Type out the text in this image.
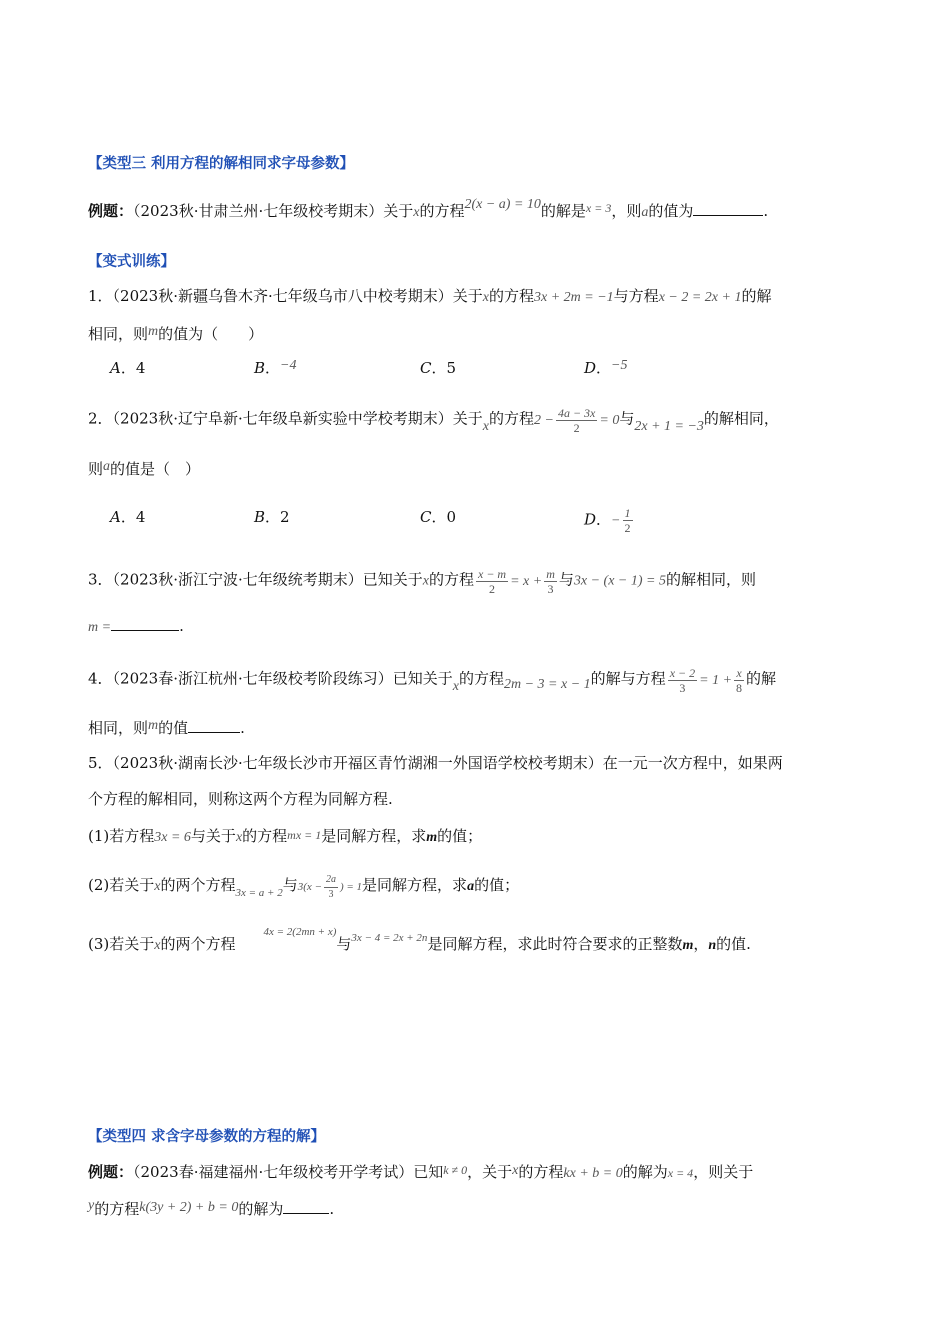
【类型三 利用方程的解相同求字母参数】
例题：（2023秋·甘肃兰州·七年级校考期末）关于x的方程2(x − a) = 10的解是$^{x = 3}$，则a的值为	.
【变式训练】
1．（2023秋·新疆乌鲁木齐·七年级乌市八中校考期末）关于x的方程3x + 2m = −1与方程x − 2 = 2x + 1的解
相同，则m的值为（　　）
A．4	B．−4	C．5	D．−5
2．（2023秋·辽宁阜新·七年级阜新实验中学校考期末）关于x的方程$2 - \frac{4a - 3x}{2} = 0$与2x + 1 = −3的解相同，
则a的值是（　）
A．4	B．2	C．0	D．− $\frac{1}{2}$
3．（2023秋·浙江宁波·七年级统考期末）已知关于x的方程 $\frac{x - m}{2} = x + \frac{m}{3}$ 与3x − (x − 1) = 5的解相同，则
m =	.
4．（2023春·浙江杭州·七年级校考阶段练习）已知关于x的方程2m − 3 = x − 1的解与方程 $\frac{x - 2}{3} = 1 + \frac{x}{8}$ 的解
相同，则m的值	.
5．（2023秋·湖南长沙·七年级长沙市开福区青竹湖湘一外国语学校校考期末）在一元一次方程中，如果两
个方程的解相同，则称这两个方程为同解方程.
(1)若方程3x = 6与关于x的方程mx = 1是同解方程，求m的值；
(2)若关于x的两个方程$_{3x = a + 2}$与$3(x - \frac{2a}{3}$ ) = 1是同解方程，求a的值；
(3)若关于x的两个方程$^{4x = 2(2mn + x)}$与$^{3x - 4 = 2x + 2n}$是同解方程，求此时符合要求的正整数m，n的值.
【类型四 求含字母参数的方程的解】
例题：（2023春·福建福州·七年级校考开学考试）已知$^{k \ne 0}$，关于x的方程kx + b = 0的解为x = 4，则关于
y的方程k(3y + 2) + b = 0的解为	.
